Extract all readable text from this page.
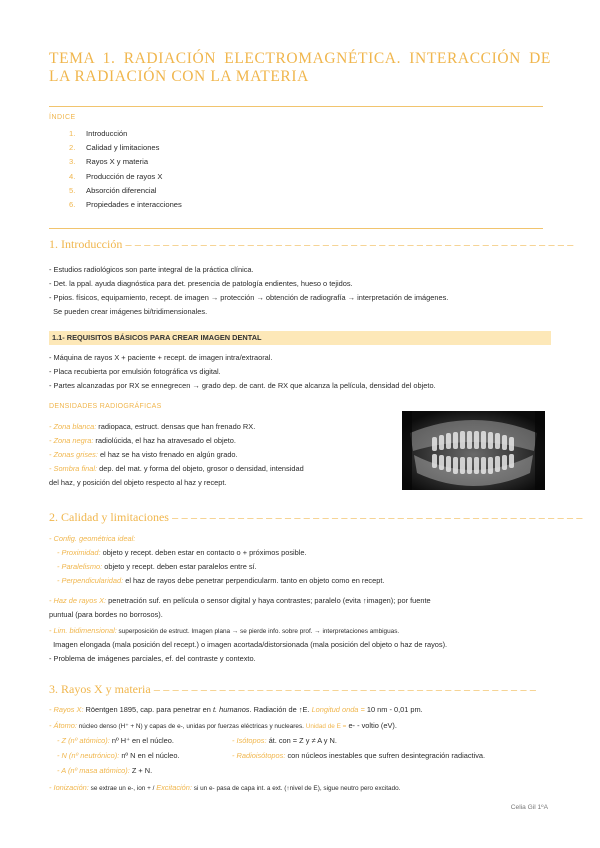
TEMA 1. RADIACIÓN ELECTROMAGNÉTICA. INTERACCIÓN DE LA RADIACIÓN CON LA MATERIA
ÍNDICE
1. Introducción
2. Calidad y limitaciones
3. Rayos X y materia
4. Producción de rayos X
5. Absorción diferencial
6. Propiedades e interacciones
1. Introducción – – – – – – – – – – – – – – – – – – – – – – – – – – – – – – – – – – – – – – – – – – – – – – – –
- Estudios radiológicos son parte integral de la práctica clínica.
- Det. la ppal. ayuda diagnóstica para det. presencia de patología endientes, hueso o tejidos.
- Ppios. físicos, equipamiento, recept. de imagen → protección → obtención de radiografía → interpretación de imágenes.
Se pueden crear imágenes bi/tridimensionales.
1.1- REQUISITOS BÁSICOS PARA CREAR IMAGEN DENTAL
- Máquina de rayos X + paciente + recept. de imagen intra/extraoral.
- Placa recubierta por emulsión fotográfica vs digital.
- Partes alcanzadas por RX se ennegrecen → grado dep. de cant. de RX que alcanza la película, densidad del objeto.
DENSIDADES RADIOGRÁFICAS
- Zona blanca: radiopaca, estruct. densas que han frenado RX.
- Zona negra: radiolúcida, el haz ha atravesado el objeto.
- Zonas grises: el haz se ha visto frenado en algún grado.
- Sombra final: dep. del mat. y forma del objeto, grosor o densidad, intensidad
del haz, y posición del objeto respecto al haz y recept.
2. Calidad y limitaciones – – – – – – – – – – – – – – – – – – – – – – – – – – – – – – – – – – – – – – – – – – – –
- Config. geométrica ideal:
- Proximidad: objeto y recept. deben estar en contacto o + próximos posible.
- Paralelismo: objeto y recept. deben estar paralelos entre sí.
- Perpendicularidad: el haz de rayos debe penetrar perpendicularm. tanto en objeto como en recept.
- Haz de rayos X: penetración suf. en película o sensor digital y haya contrastes; paralelo (evita ↑imagen); por fuente
puntual (para bordes no borrosos).
- Lim. bidimensional: superposición de estruct. Imagen plana → se pierde info. sobre prof. → interpretaciones ambiguas.
Imagen elongada (mala posición del recept.) o imagen acortada/distorsionada (mala posición del objeto o haz de rayos).
- Problema de imágenes parciales, ef. del contraste y contexto.
3. Rayos X y materia – – – – – – – – – – – – – – – – – – – – – – – – – – – – – – – – – – – – – – – – –
- Rayos X: Röentgen 1895, cap. para penetrar en t. humanos. Radiación de ↑E. Longitud onda = 10 nm - 0,01 pm.
- Átomo: núcleo denso (H⁺ + N) y capas de e-, unidas por fuerzas eléctricas y nucleares. Unidad de E = e- - voltio (eV).
- Z (nº atómico): nº H⁺ en el núcleo.	- Isótopos: át. con = Z y ≠ A y N.
- N (nº neutrónico): nº N en el núcleo.	- Radioisótopos: con núcleos inestables que sufren desintegración radiactiva.
- A (nº masa atómico): Z + N.
- Ionización: se extrae un e-, ion + / Excitación: si un e- pasa de capa int. a ext. (↑nivel de E), sigue neutro pero excitado.
Celia Gil 1ºA
